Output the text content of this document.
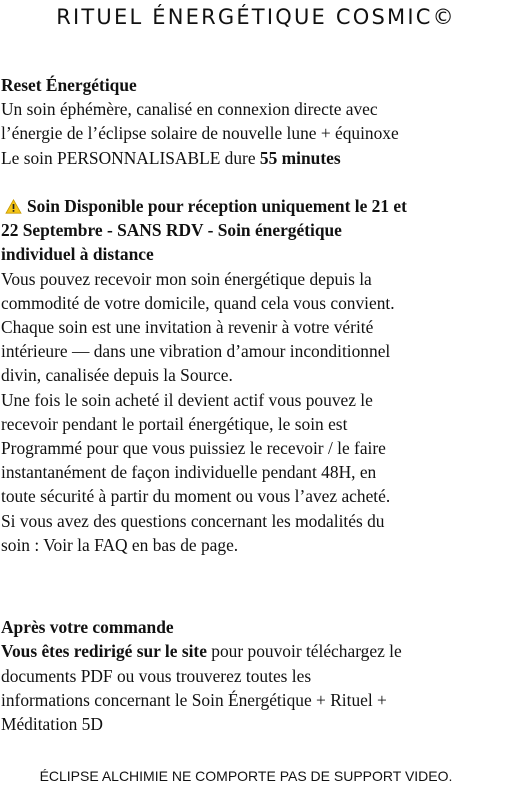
RITUEL ÉNERGÉTIQUE COSMIC©
Reset Énergétique
Un soin éphémère, canalisé en connexion directe avec
l’énergie de l’éclipse solaire de nouvelle lune + équinoxe
Le soin PERSONNALISABLE dure 55 minutes
Soin Disponible pour réception uniquement le 21 et
22 Septembre - SANS RDV - Soin énergétique
individuel à distance
Vous pouvez recevoir mon soin énergétique depuis la
commodité de votre domicile, quand cela vous convient.
Chaque soin est une invitation à revenir à votre vérité
intérieure — dans une vibration d’amour inconditionnel
divin, canalisée depuis la Source.
Une fois le soin acheté il devient actif vous pouvez le
recevoir pendant le portail énergétique, le soin est
Programmé pour que vous puissiez le recevoir / le faire
instantanément de façon individuelle pendant 48H, en
toute sécurité à partir du moment ou vous l’avez acheté.
Si vous avez des questions concernant les modalités du
soin : Voir la FAQ en bas de page.
Après votre commande
Vous êtes redirigé sur le site pour pouvoir téléchargez le
documents PDF ou vous trouverez toutes les
informations concernant le Soin Énergétique + Rituel +
Méditation 5D
ÉCLIPSE ALCHIMIE NE COMPORTE PAS DE SUPPORT VIDEO.
